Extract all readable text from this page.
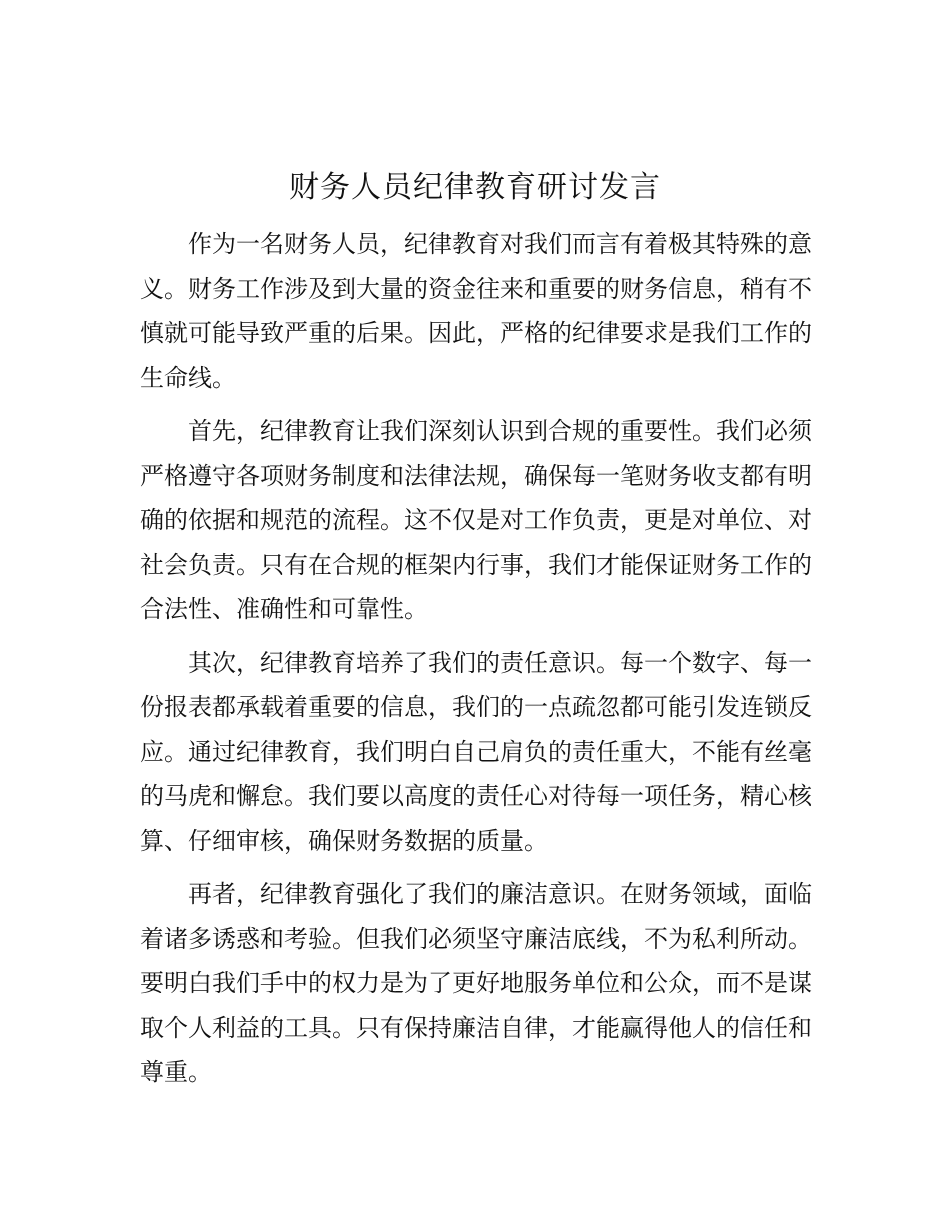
财务人员纪律教育研讨发言

作为一名财务人员，纪律教育对我们而言有着极其特殊的意义。财务工作涉及到大量的资金往来和重要的财务信息，稍有不慎就可能导致严重的后果。因此，严格的纪律要求是我们工作的生命线。

首先，纪律教育让我们深刻认识到合规的重要性。我们必须严格遵守各项财务制度和法律法规，确保每一笔财务收支都有明确的依据和规范的流程。这不仅是对工作负责，更是对单位、对社会负责。只有在合规的框架内行事，我们才能保证财务工作的合法性、准确性和可靠性。

其次，纪律教育培养了我们的责任意识。每一个数字、每一份报表都承载着重要的信息，我们的一点疏忽都可能引发连锁反应。通过纪律教育，我们明白自己肩负的责任重大，不能有丝毫的马虎和懈怠。我们要以高度的责任心对待每一项任务，精心核算、仔细审核，确保财务数据的质量。

再者，纪律教育强化了我们的廉洁意识。在财务领域，面临着诸多诱惑和考验。但我们必须坚守廉洁底线，不为私利所动。要明白我们手中的权力是为了更好地服务单位和公众，而不是谋取个人利益的工具。只有保持廉洁自律，才能赢得他人的信任和尊重。
